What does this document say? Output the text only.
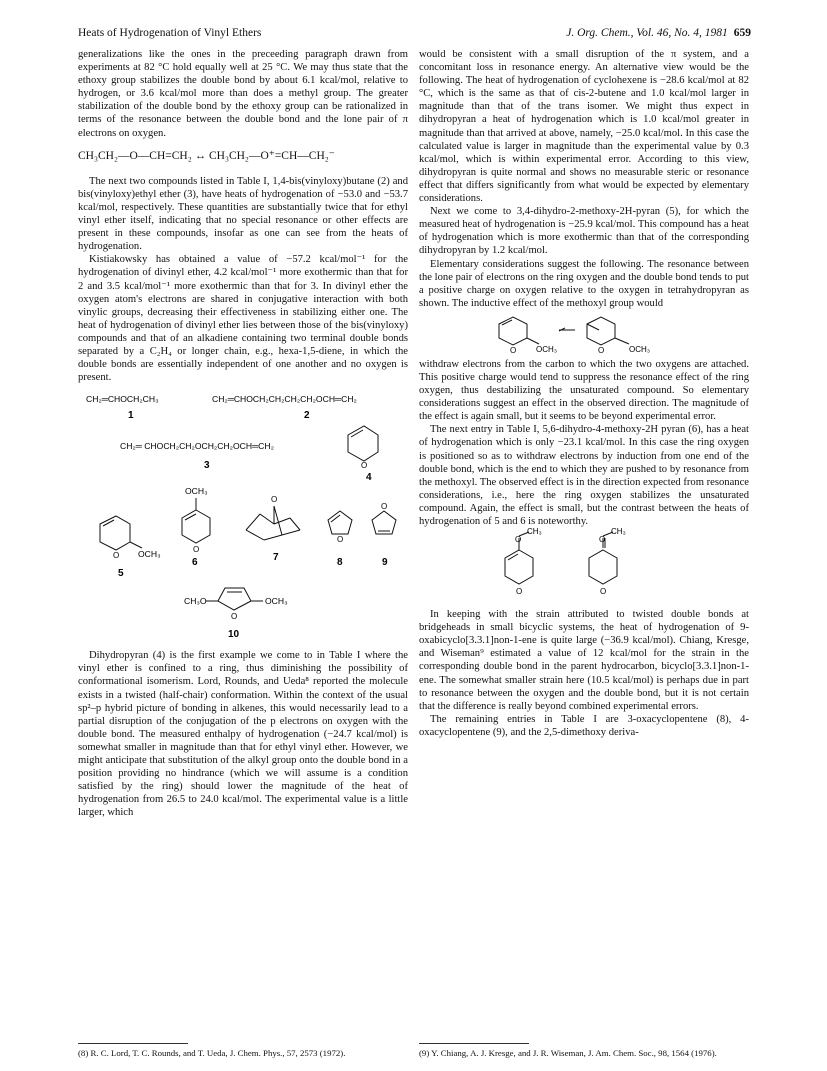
Heats of Hydrogenation of Vinyl Ethers	J. Org. Chem., Vol. 46, No. 4, 1981 659

generalizations like the ones in the preceeding paragraph drawn from experiments at 82 °C hold equally well at 25 °C. We may thus state that the ethoxy group stabilizes the double bond by about 6.1 kcal/mol, relative to hydrogen, or 3.6 kcal/mol more than does a methyl group. The greater stabilization of the double bond by the ethoxy group can be rationalized in terms of the resonance between the double bond and the lone pair of π electrons on oxygen.

CH₃CH₂—O—CH=CH₂ ↔ CH₃CH₂—O⁺=CH—CH₂⁻

The next two compounds listed in Table I, 1,4-bis(vinyloxy)butane (2) and bis(vinyloxy)ethyl ether (3), have heats of hydrogenation of −53.0 and −53.7 kcal/mol, respectively. These quantities are substantially twice that for ethyl vinyl ether itself, indicating that no special resonance or other effects are present in these compounds, insofar as one can see from the heats of hydrogenation.

Kistiakowsky has obtained a value of −57.2 kcal/mol⁻¹ for the hydrogenation of divinyl ether, 4.2 kcal/mol⁻¹ more exothermic than that for 2 and 3.5 kcal/mol⁻¹ more exothermic than that for 3. In divinyl ether the oxygen atom's electrons are shared in conjugative interaction with both vinylic groups, decreasing their effectiveness in stabilizing either one. The heat of hydrogenation of divinyl ether lies between those of the bis(vinyloxy) compounds and that of an alkadiene containing two terminal double bonds separated by a C₂H₄ or longer chain, e.g., hexa-1,5-diene, in which the double bonds are essentially independent of one another and no oxygen is present.

CH₂═CHOCH₂CH₃	CH₂═CHOCH₂CH₂CH₂CH₂OCH═CH₂
1	2
CH₂═ CHOCH₂CH₂OCH₂CH₂OCH═CH₂
3	O
4
OCH₃
O
6
O OCH₃
5
O
7
O
8
O
9
CH₃O
O
OCH₃
10

Dihydropyran (4) is the first example we come to in Table I where the vinyl ether is confined to a ring, thus diminishing the possibility of conformational isomerism. Lord, Rounds, and Ueda⁸ reported the molecule exists in a twisted (half-chair) conformation. Within the context of the usual sp²–p hybrid picture of bonding in alkenes, this would necessarily lead to a partial disruption of the conjugation of the p electrons on oxygen with the double bond. The measured enthalpy of hydrogenation (−24.7 kcal/mol) is somewhat smaller in magnitude than that for ethyl vinyl ether. However, we might anticipate that substitution of the alkyl group onto the double bond in a position providing no hindrance (which we will assume is a condition satisfied by the ring) should lower the magnitude of the heat of hydrogenation from 26.5 to 24.0 kcal/mol. The experimental value is a little larger, which

would be consistent with a small disruption of the π system, and a concomitant loss in resonance energy. An alternative view would be the following. The heat of hydrogenation of cyclohexene is −28.6 kcal/mol at 82 °C, which is the same as that of cis-2-butene and 1.0 kcal/mol larger in magnitude than that of the trans isomer. We might thus expect in dihydropyran a heat of hydrogenation which is 1.0 kcal/mol greater in magnitude than that arrived at above, namely, −25.0 kcal/mol. In this case the calculated value is larger in magnitude than the experimental value by 0.3 kcal/mol, which is within experimental error. According to this view, dihydropyran is quite normal and shows no measurable steric or resonance effect that differs significantly from what would be expected by elementary considerations.

Next we come to 3,4-dihydro-2-methoxy-2H-pyran (5), for which the measured heat of hydrogenation is −25.9 kcal/mol. This compound has a heat of hydrogenation which is more exothermic than that of the corresponding dihydropyran by 1.2 kcal/mol.

Elementary considerations suggest the following. The resonance between the lone pair of electrons on the ring oxygen and the double bond tends to put a positive charge on oxygen relative to the oxygen in tetrahydropyran as shown. The inductive effect of the methoxyl group would

O OCH₃	O	OCH₃

withdraw electrons from the carbon to which the two oxygens are attached. This positive charge would tend to suppress the resonance effect of the ring oxygen, thus destabilizing the unsaturated compound. So elementary considerations suggest an effect in the observed direction. The magnitude of the effect is again small, but it seems to be beyond experimental error.

The next entry in Table I, 5,6-dihydro-4-methoxy-2H pyran (6), has a heat of hydrogenation which is only −23.1 kcal/mol. In this case the ring oxygen is positioned so as to withdraw electrons by induction from one end of the double bond, which is the end to which they are pushed to by resonance from the methoxyl. The observed effect is in the direction expected from resonance considerations, i.e., here the ring oxygen stabilizes the unsaturated compound. Again, the effect is small, but the contrast between the heats of hydrogenation of 5 and 6 is noteworthy.

CH₃
O
O
CH₃
O
O

In keeping with the strain attributed to twisted double bonds at bridgeheads in small bicyclic systems, the heat of hydrogenation of 9-oxabicyclo[3.3.1]non-1-ene is quite large (−36.9 kcal/mol). Chiang, Kresge, and Wiseman⁹ estimated a value of 12 kcal/mol for the strain in the corresponding double bond in the parent hydrocarbon, bicyclo[3.3.1]non-1-ene. The somewhat smaller strain here (10.5 kcal/mol) is perhaps due in part to resonance between the oxygen and the double bond, but it is not certain that the difference is really beyond combined experimental errors.

The remaining entries in Table I are 3-oxacyclopentene (8), 4-oxacyclopentene (9), and the 2,5-dimethoxy deriva-

(8) R. C. Lord, T. C. Rounds, and T. Ueda, J. Chem. Phys., 57, 2573 (1972).	(9) Y. Chiang, A. J. Kresge, and J. R. Wiseman, J. Am. Chem. Soc., 98, 1564 (1976).
